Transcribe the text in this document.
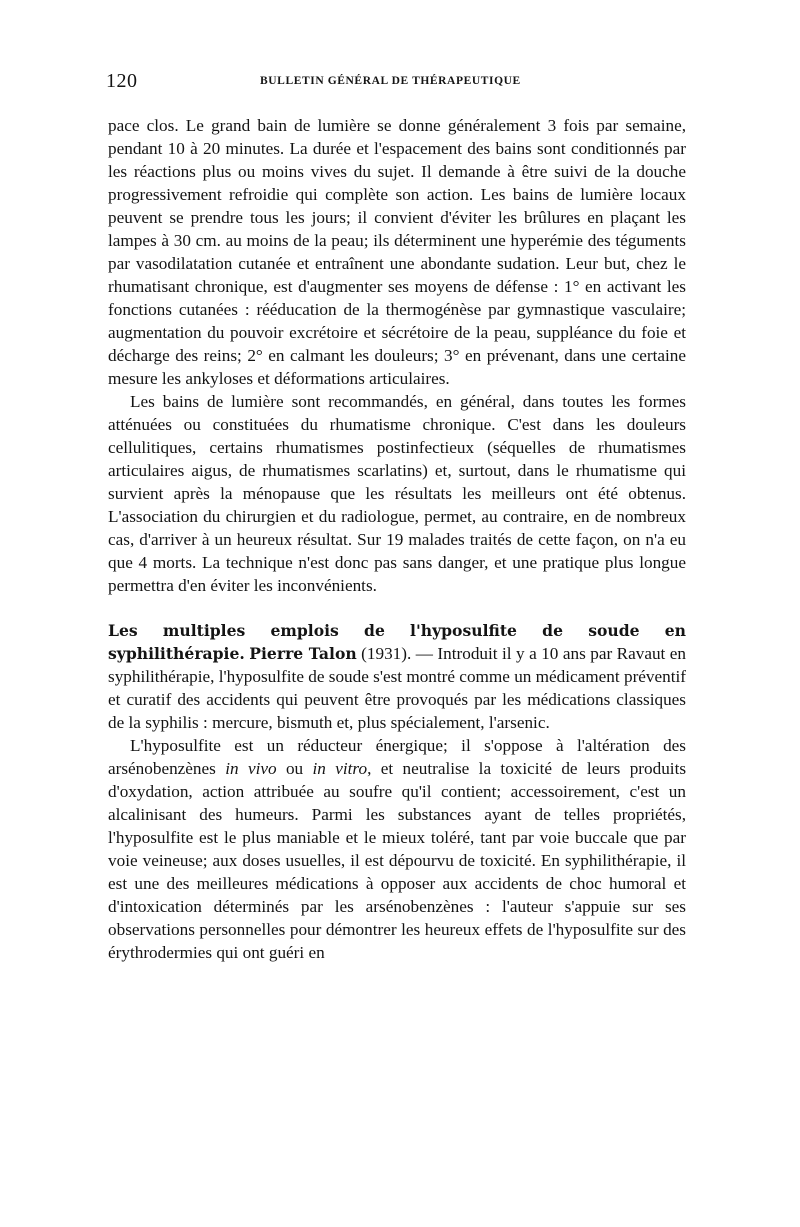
120	BULLETIN GÉNÉRAL DE THÉRAPEUTIQUE

pace clos. Le grand bain de lumière se donne généralement 3 fois par semaine, pendant 10 à 20 minutes. La durée et l'espacement des bains sont conditionnés par les réactions plus ou moins vives du sujet. Il demande à être suivi de la douche progressivement refroidie qui complète son action. Les bains de lumière locaux peuvent se prendre tous les jours; il convient d'éviter les brûlures en plaçant les lampes à 30 cm. au moins de la peau; ils déterminent une hyperémie des téguments par vasodilatation cutanée et entraînent une abondante sudation. Leur but, chez le rhumatisant chronique, est d'augmenter ses moyens de défense : 1° en activant les fonctions cutanées : rééducation de la thermogénèse par gymnastique vasculaire; augmentation du pouvoir excrétoire et sécrétoire de la peau, suppléance du foie et décharge des reins; 2° en calmant les douleurs; 3° en prévenant, dans une certaine mesure les ankyloses et déformations articulaires.

Les bains de lumière sont recommandés, en général, dans toutes les formes atténuées ou constituées du rhumatisme chronique. C'est dans les douleurs cellulitiques, certains rhumatismes postinfectieux (séquelles de rhumatismes articulaires aigus, de rhumatismes scarlatins) et, surtout, dans le rhumatisme qui survient après la ménopause que les résultats les meilleurs ont été obtenus. L'association du chirurgien et du radiologue, permet, au contraire, en de nombreux cas, d'arriver à un heureux résultat. Sur 19 malades traités de cette façon, on n'a eu que 4 morts. La technique n'est donc pas sans danger, et une pratique plus longue permettra d'en éviter les inconvénients.

Les multiples emplois de l'hyposulfite de soude en syphilithérapie. Pierre Talon (1931). — Introduit il y a 10 ans par Ravaut en syphilithérapie, l'hyposulfite de soude s'est montré comme un médicament préventif et curatif des accidents qui peuvent être provoqués par les médications classiques de la syphilis : mercure, bismuth et, plus spécialement, l'arsenic.

L'hyposulfite est un réducteur énergique; il s'oppose à l'altération des arsénobenzènes in vivo ou in vitro, et neutralise la toxicité de leurs produits d'oxydation, action attribuée au soufre qu'il contient; accessoirement, c'est un alcalinisant des humeurs. Parmi les substances ayant de telles propriétés, l'hyposulfite est le plus maniable et le mieux toléré, tant par voie buccale que par voie veineuse; aux doses usuelles, il est dépourvu de toxicité. En syphilithérapie, il est une des meilleures médications à opposer aux accidents de choc humoral et d'intoxication déterminés par les arsénobenzènes : l'auteur s'appuie sur ses observations personnelles pour démontrer les heureux effets de l'hyposulfite sur des érythrodermies qui ont guéri en
